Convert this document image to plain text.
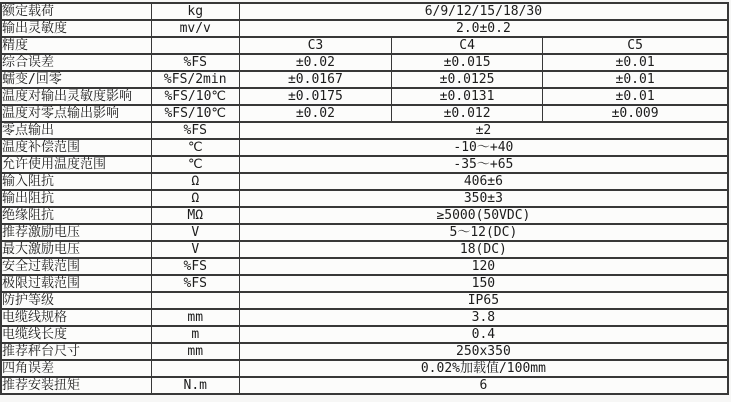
额定载荷	kg	6/9/12/15/18/30		
输出灵敏度	mv/v	2.0±0.2		
精度		C3	C4	C5
综合误差	%FS	±0.02	±0.015	±0.01
蠕变/回零	%FS/2min	±0.0167	±0.0125	±0.01
温度对输出灵敏度影响	%FS/10℃	±0.0175	±0.0131	±0.01
温度对零点输出影响	%FS/10℃	±0.02	±0.012	±0.009
零点输出	%FS	±2		
温度补偿范围	℃	-10～+40		
允许使用温度范围	℃	-35～+65		
输入阻抗	Ω	406±6		
输出阻抗	Ω	350±3		
绝缘阻抗	MΩ	≥5000(50VDC)		
推荐激励电压	V	5～12(DC)		
最大激励电压	V	18(DC)		
安全过载范围	%FS	120		
极限过载范围	%FS	150		
防护等级		IP65		
电缆线规格	mm	3.8		
电缆线长度	m	0.4		
推荐秤台尺寸	mm	250x350		
四角误差		0.02%加载值/100mm		
推荐安装扭矩	N.m	6		
